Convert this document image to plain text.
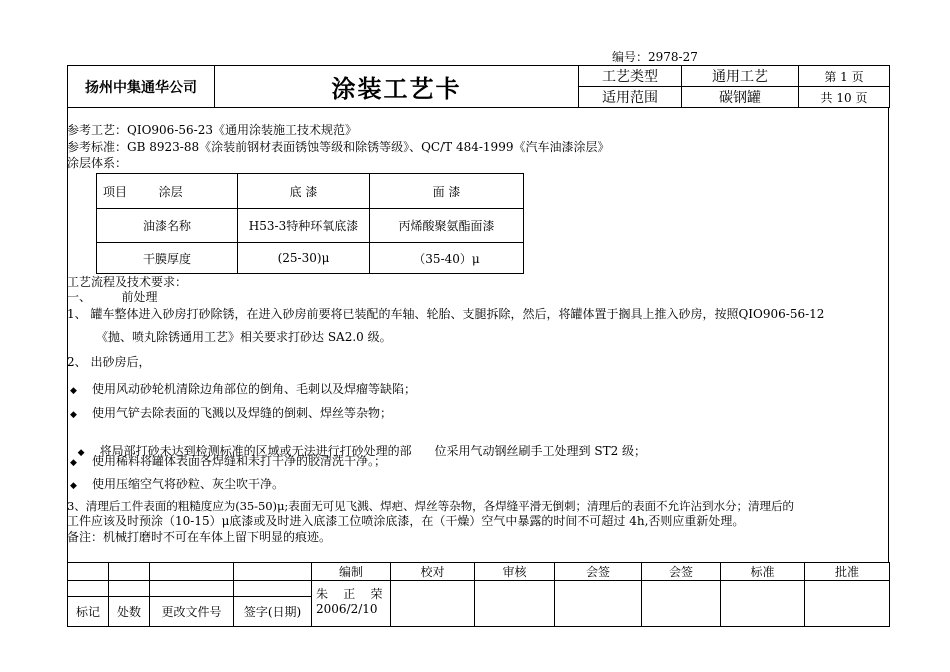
编号：2978-27
扬州中集通华公司	涂装工艺卡	工艺类型	通用工艺	第 1 页
		适用范围	碳钢罐	共 10 页
参考工艺：QIO906-56-23《通用涂装施工技术规范》
参考标准：GB 8923-88《涂装前钢材表面锈蚀等级和除锈等级》、QC/T 484-1999《汽车油漆涂层》
涂层体系：
项目 涂层	底 漆	面 漆
油漆名称	H53-3特种环氧底漆	丙烯酸聚氨酯面漆
干膜厚度	(25-30)μ	（35-40）μ
工艺流程及技术要求：
一、        前处理
1、 罐车整体进入砂房打砂除锈，在进入砂房前要将已装配的车轴、轮胎、支腿拆除，然后，将罐体置于搁具上推入砂房，按照QIO906-56-12
《抛、喷丸除锈通用工艺》相关要求打砂达 SA2.0 级。
2、 出砂房后，
◆ 使用风动砂轮机清除边角部位的倒角、毛刺以及焊瘤等缺陷；
◆ 使用气铲去除表面的飞溅以及焊缝的倒刺、焊丝等杂物；

◆ 将局部打砂未达到检测标准的区域或无法进行打砂处理的部      位采用气动钢丝刷手工处理到 ST2 级；

◆ 使用稀料将罐体表面各焊缝和未打干净的胶清洗干净。；
◆ 使用压缩空气将砂粒、灰尘吹干净。
3、清理后工件表面的粗糙度应为(35-50)μ;表面无可见飞溅、焊疤、焊丝等杂物，各焊缝平滑无倒刺；清理后的表面不允许沾到水分；清理后的
工件应该及时预涂（10-15）μ底漆或及时进入底漆工位喷涂底漆，在（干燥）空气中暴露的时间不可超过 4h,否则应重新处理。
备注：机械打磨时不可在车体上留下明显的痕迹。
				编制	校对	审核	会签	会签	标准	批准

				朱    正    荣
2006/2/10						

标记	处数	更改文件号	签字(日期)							
